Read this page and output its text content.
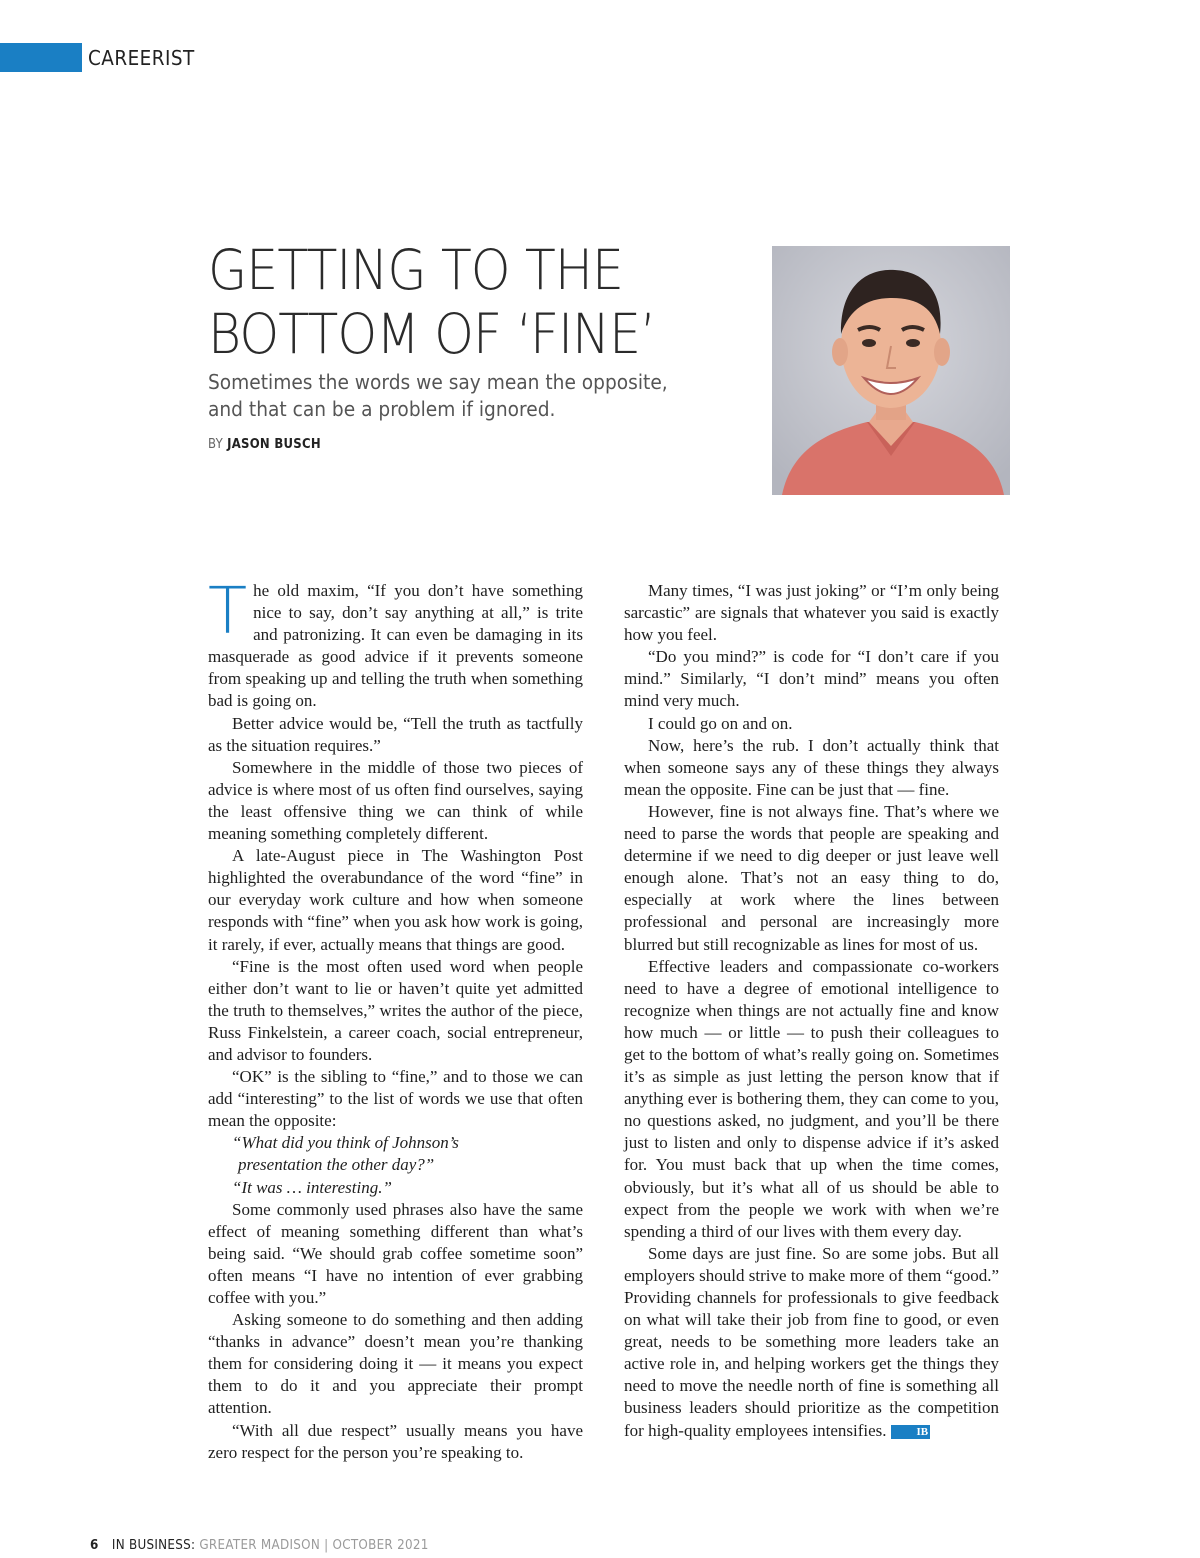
CAREERIST
GETTING TO THE
BOTTOM OF ‘FINE’

Sometimes the words we say mean the opposite,
and that can be a problem if ignored.

BY JASON BUSCH

The old maxim, “If you don’t have something nice to say, don’t say anything at all,” is trite and patronizing. It can even be damaging in its masquerade as good advice if it prevents someone from speaking up and telling the truth when something bad is going on.

Better advice would be, “Tell the truth as tactfully as the situation requires.”

Somewhere in the middle of those two pieces of advice is where most of us often find ourselves, saying the least offensive thing we can think of while meaning something completely different.

A late-August piece in The Washington Post highlighted the overabundance of the word “fine” in our everyday work culture and how when someone responds with “fine” when you ask how work is going, it rarely, if ever, actually means that things are good.

“Fine is the most often used word when people either don’t want to lie or haven’t quite yet admitted the truth to themselves,” writes the author of the piece, Russ Finkelstein, a career coach, social entrepreneur, and advisor to founders.

“OK” is the sibling to “fine,” and to those we can add “interesting” to the list of words we use that often mean the opposite:

“What did you think of Johnson’s

presentation the other day?”

“It was … interesting.”

Some commonly used phrases also have the same effect of meaning something different than what’s being said. “We should grab coffee sometime soon” often means “I have no intention of ever grabbing coffee with you.”

Asking someone to do something and then adding “thanks in advance” doesn’t mean you’re thanking them for considering doing it — it means you expect them to do it and you appreciate their prompt attention.

“With all due respect” usually means you have zero respect for the person you’re speaking to.

Many times, “I was just joking” or “I’m only being sarcastic” are signals that whatever you said is exactly how you feel.

“Do you mind?” is code for “I don’t care if you mind.” Similarly, “I don’t mind” means you often mind very much.

I could go on and on.

Now, here’s the rub. I don’t actually think that when someone says any of these things they always mean the opposite. Fine can be just that — fine.

However, fine is not always fine. That’s where we need to parse the words that people are speaking and determine if we need to dig deeper or just leave well enough alone. That’s not an easy thing to do, especially at work where the lines between professional and personal are increasingly more blurred but still recognizable as lines for most of us.

Effective leaders and compassionate co-workers need to have a degree of emotional intelligence to recognize when things are not actually fine and know how much — or little — to push their colleagues to get to the bottom of what’s really going on. Sometimes it’s as simple as just letting the person know that if anything ever is bothering them, they can come to you, no questions asked, no judgment, and you’ll be there just to listen and only to dispense advice if it’s asked for. You must back that up when the time comes, obviously, but it’s what all of us should be able to expect from the people we work with when we’re spending a third of our lives with them every day.

Some days are just fine. So are some jobs. But all employers should strive to make more of them “good.” Providing channels for professionals to give feedback on what will take their job from fine to good, or even great, needs to be something more leaders take an active role in, and helping workers get the things they need to move the needle north of fine is something all business leaders should prioritize as the competition for high-quality employees intensifies.	IB

6 IN BUSINESS: GREATER MADISON | OCTOBER 2021
